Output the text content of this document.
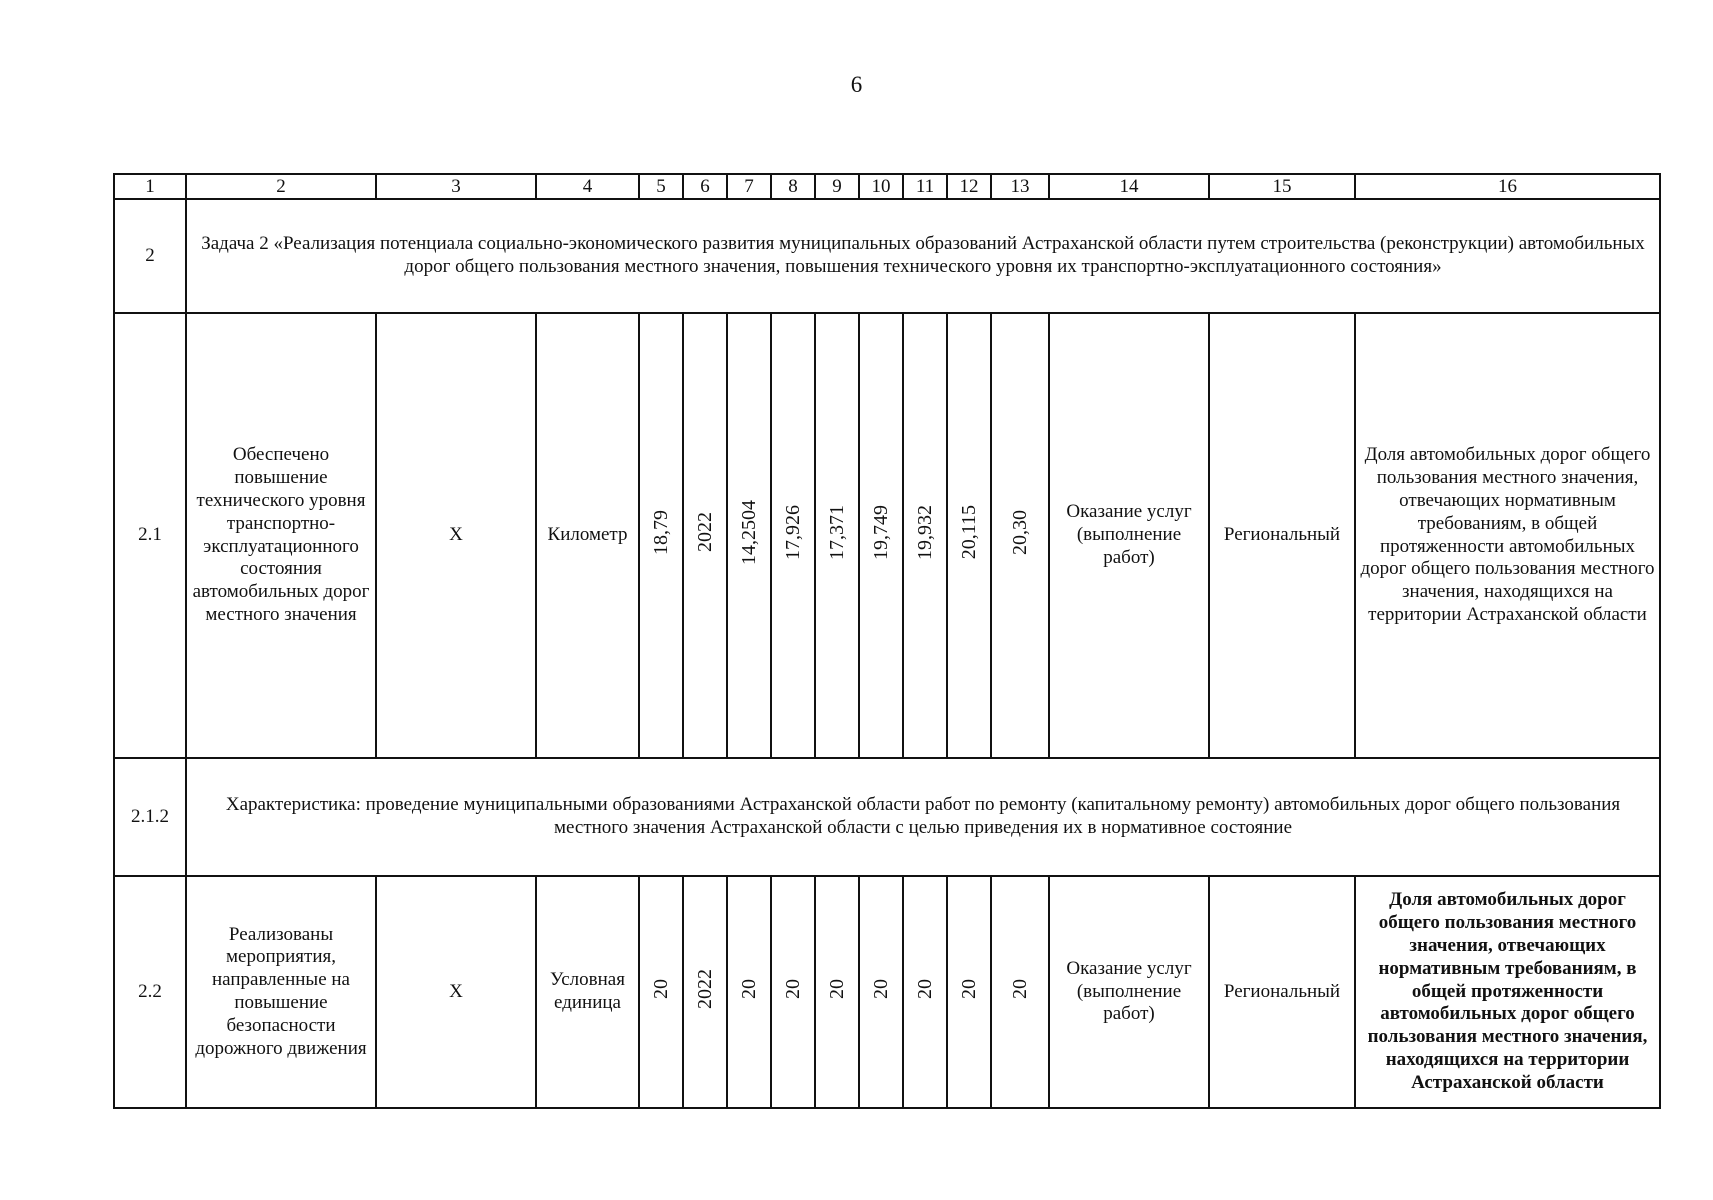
6
1	2	3	4	5	6	7	8	9	10	11	12	13	14	15	16
2	Задача 2 «Реализация потенциала социально-экономического развития муниципальных образований Астраханской области путем строительства (реконструкции) автомобильных дорог общего пользования местного значения, повышения технического уровня их транспортно-эксплуатационного состояния»														
2.1	Обеспечено повышение технического уровня транспортно-эксплуатационного состояния автомобильных дорог местного значения	X	Километр	18,79	2022	14,2504	17,926	17,371	19,749	19,932	20,115	20,30	Оказание услуг (выполнение работ)	Региональный	Доля автомобильных дорог общего пользования местного значения, отвечающих нормативным требованиям, в общей протяженности автомобильных дорог общего пользования местного значения, находящихся на территории Астраханской области
2.1.2	Характеристика: проведение муниципальными образованиями Астраханской области работ по ремонту (капитальному ремонту) автомобильных дорог общего пользования местного значения Астраханской области с целью приведения их в нормативное состояние														
2.2	Реализованы мероприятия, направленные на повышение безопасности дорожного движения	X	Условная единица	20	2022	20	20	20	20	20	20	20	Оказание услуг (выполнение работ)	Региональный	Доля автомобильных дорог общего пользования местного значения, отвечающих нормативным требованиям, в общей протяженности автомобильных дорог общего пользования местного значения, находящихся на территории Астраханской области
